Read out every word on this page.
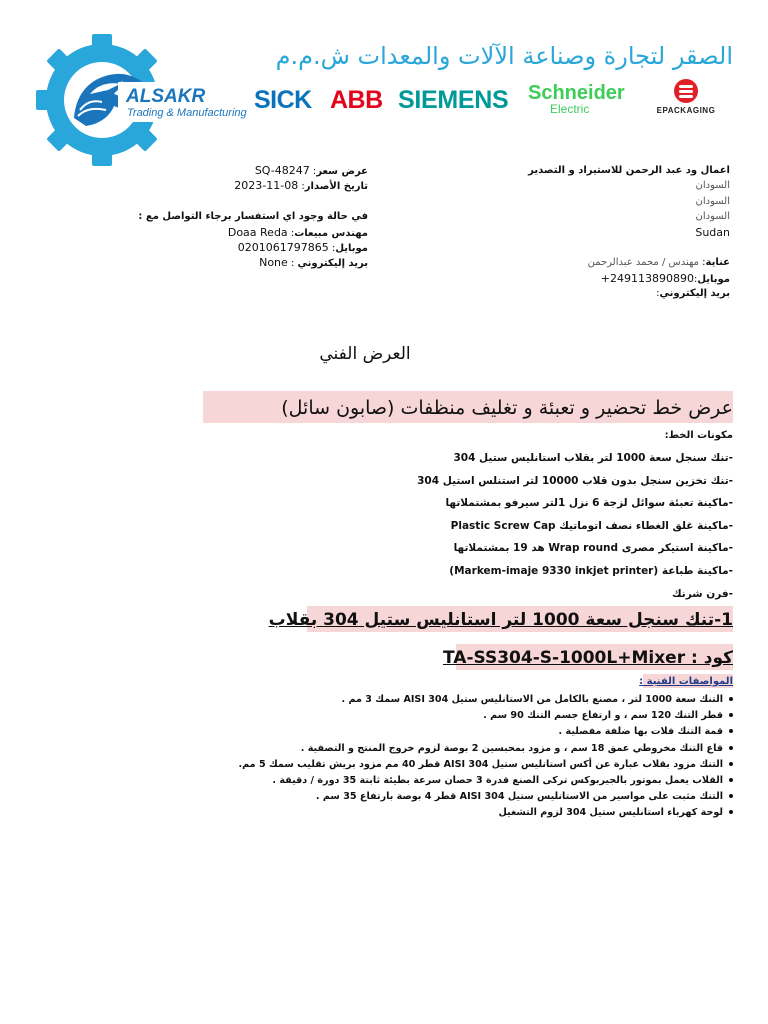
ALSAKR
Trading & Manufacturing
الصقر لتجارة وصناعة الآلات والمعدات ش.م.م
SICK ABB SIEMENS Schneider
Electric	EPACKAGING
عرض سعر: SQ-48247
تاريخ الأصدار: 2023-11-08
في حالة وجود اي استفسار برجاء التواصل مع :
مهندس مبيعات: Doaa Reda
موبايل: 0201061797865
بريد إليكتروني : None
اعمال ود عبد الرحمن للاستيراد و التصدير
السودان
السودان
السودان
Sudan
عناية: مهندس / محمد عبدالرحمن
موبايل:+249113890890
بريد إليكتروني:
العرض الفني
عرض خط تحضير و تعبئة و تغليف منظفات (صابون سائل)
مكونات الخط:
-تنك سنجل سعة 1000 لتر بقلاب استانليس ستيل 304
-تنك تخزين سنجل بدون قلاب 10000 لتر استنلس استيل 304
-ماكينة تعبئة سوائل لزجة 6 نزل 1لتر سيرفو بمشتملاتها
-ماكينة غلق الغطاء نصف اتوماتيك Plastic Screw Cap
-ماكينة استيكر مصرى Wrap round هد 19 بمشتملاتها
-ماكينة طباعة (Markem-imaje 9330 inkjet printer)
-فرن شرنك
1-تنك سنجل سعة 1000 لتر استانليس ستيل 304 بقلاب
كود : TA-SS304-S-1000L+Mixer
المواصفات الفنية :
التنك سعة 1000 لتر ، مصنع بالكامل من الاستانليس ستيل AISI 304 سمك 3 مم .
قطر التنك 120 سم ، و ارتفاع جسم التنك 90 سم .
قمة التنك فلات بها ضلفة مفصلية .
قاع التنك مخروطي عمق 18 سم ، و مزود بمحبسين 2 بوصة لزوم خروج المنتج و التصفية .
التنك مزود بقلاب عبارة عن أكس استانليس ستيل AISI 304 قطر 40 مم مزود بريش تقليب سمك 5 مم.
القلاب يعمل بموتور بالجيربوكس تركى الصنع قدرة 3 حصان سرعة بطيئة ثابتة 35 دورة / دقيقة .
التنك مثبت على مواسير من الاستانليس ستيل AISI 304 قطر 4 بوصة بارتفاع 35 سم .
لوحة كهرباء استانليس ستيل 304 لزوم التشغيل
